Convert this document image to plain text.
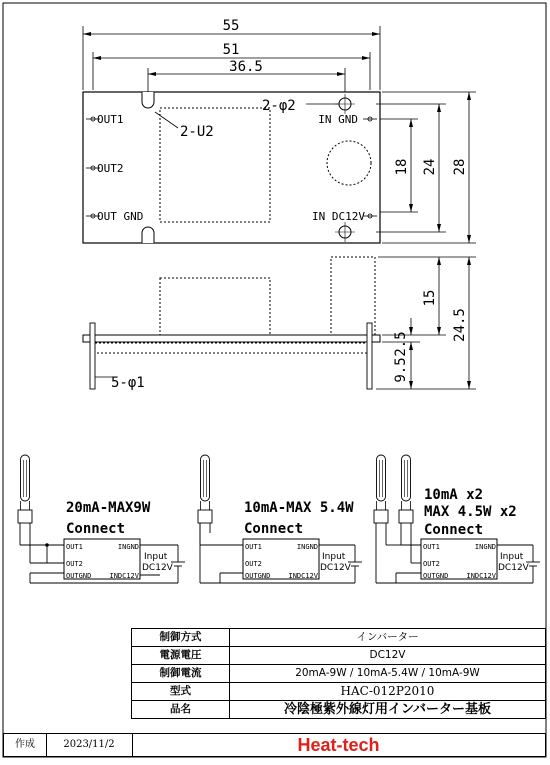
55
51
36.5
OUT1
OUT2
OUT GND
IN GND
IN DC12V
2-φ2
2-U2
18 24 28
5-φ1
15
24.5
2.5
9.5
20mA-MAX9W
Connect
OUT1	INGND
OUT2
OUTGND	INDC12V
Input
DC12V
10mA-MAX 5.4W
Connect
OUT1	INGND
OUT2
OUTGND	INDC12V
Input
DC12V
10mA x2
MAX 4.5W x2
Connect
OUT1	INGND
OUT2
OUTGND	INDC12V
Input
DC12V
制御方式	インバーター
電源電圧	DC12V
制御電流	20mA-9W / 10mA-5.4W / 10mA-9W
型式	HAC-012P2010
品名	冷陰極紫外線灯用インバーター基板
作成	2023/11/2	Heat-tech
